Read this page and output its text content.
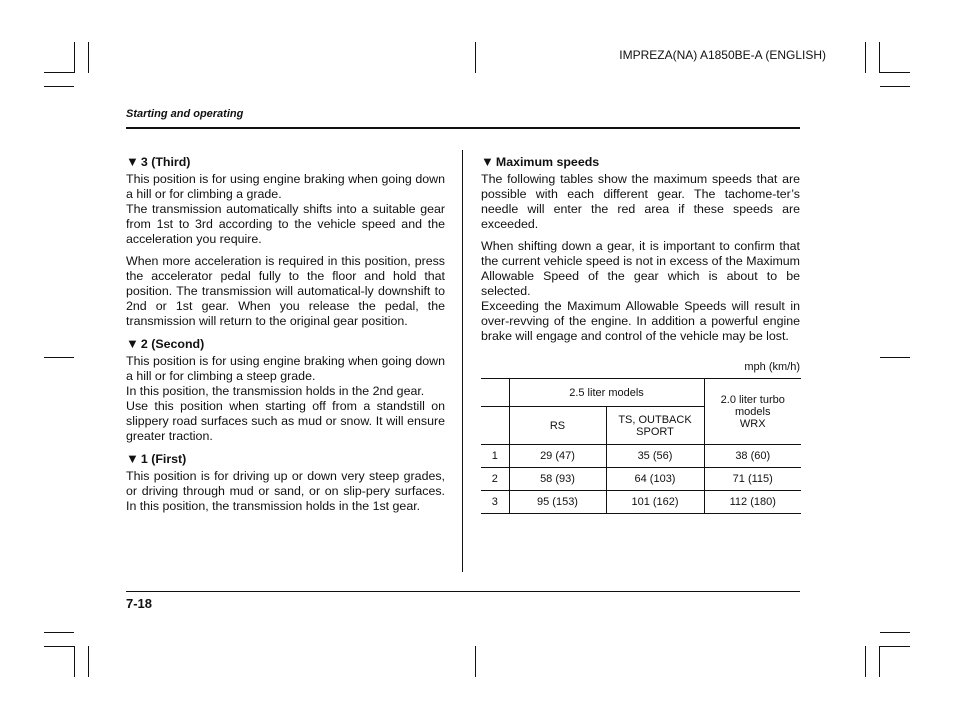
IMPREZA(NA) A1850BE-A (ENGLISH)
Starting and operating
▼ 3 (Third)

This position is for using engine braking when going down a hill or for climbing a grade.

The transmission automatically shifts into a suitable gear from 1st to 3rd according to the vehicle speed and the acceleration you require.

When more acceleration is required in this position, press the accelerator pedal fully to the floor and hold that position. The transmission will automatical-ly downshift to 2nd or 1st gear. When you release the pedal, the transmission will return to the original gear position.

▼ 2 (Second)

This position is for using engine braking when going down a hill or for climbing a steep grade.

In this position, the transmission holds in the 2nd gear.

Use this position when starting off from a standstill on slippery road surfaces such as mud or snow. It will ensure greater traction.

▼ 1 (First)

This position is for driving up or down very steep grades, or driving through mud or sand, or on slip-pery surfaces. In this position, the transmission holds in the 1st gear.

▼ Maximum speeds

The following tables show the maximum speeds that are possible with each different gear. The tachome-ter’s needle will enter the red area if these speeds are exceeded.

When shifting down a gear, it is important to confirm that the current vehicle speed is not in excess of the Maximum Allowable Speed of the gear which is about to be selected.

Exceeding the Maximum Allowable Speeds will result in over-revving of the engine. In addition a powerful engine brake will engage and control of the vehicle may be lost.

mph (km/h)
	2.5 liter models		2.0 liter turbo
models
WRX
	RS	TS, OUTBACK
SPORT	
1	29 (47)	35 (56)	38 (60)
2	58 (93)	64 (103)	71 (115)
3	95 (153)	101 (162)	112 (180)
7-18
